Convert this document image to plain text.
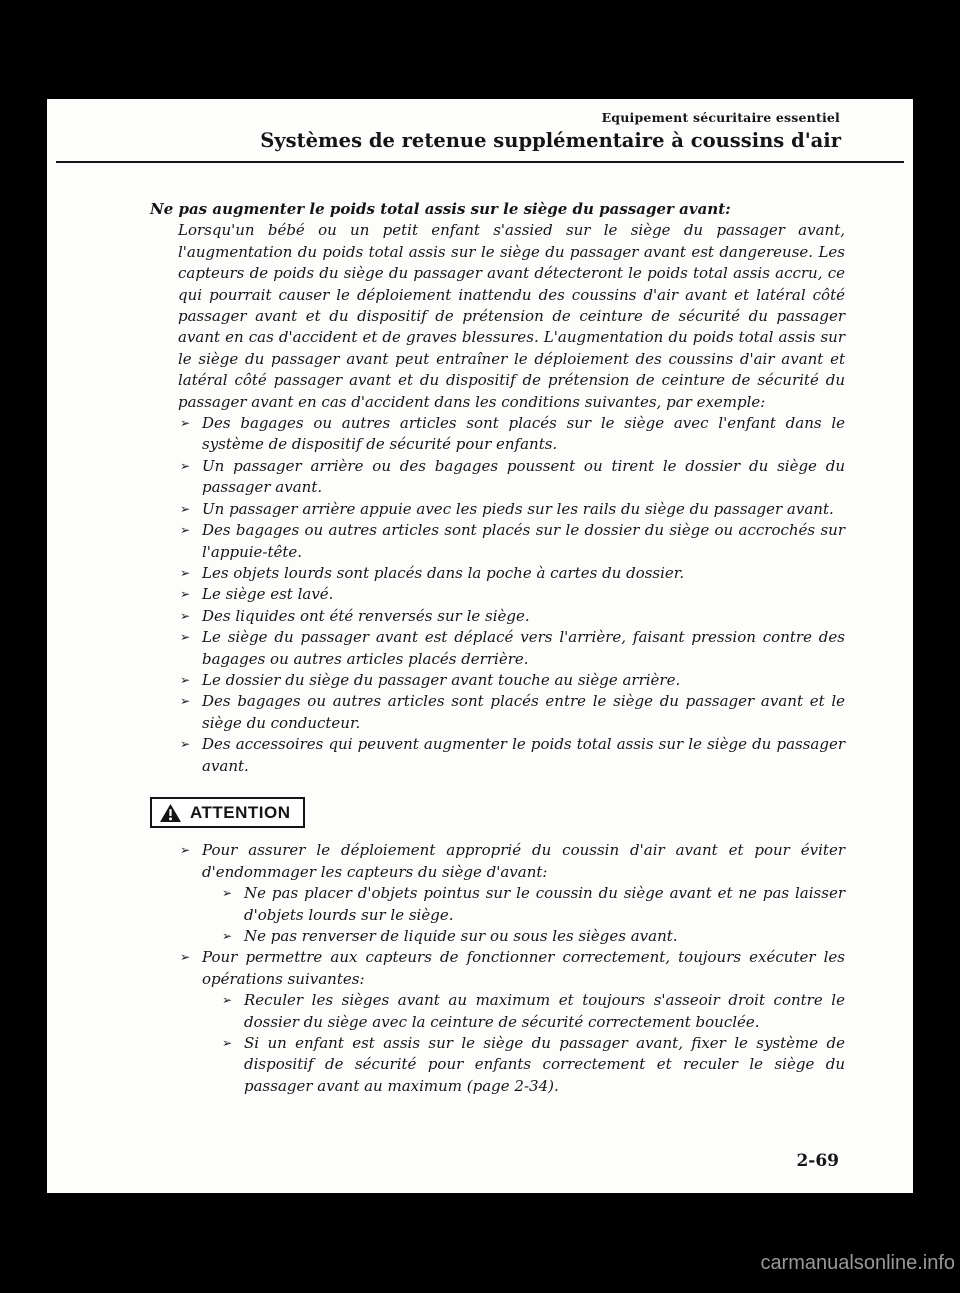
Equipement sécuritaire essentiel
Systèmes de retenue supplémentaire à coussins d'air
Ne pas augmenter le poids total assis sur le siège du passager avant:
Lorsqu'un bébé ou un petit enfant s'assied sur le siège du passager avant, l'augmentation du poids total assis sur le siège du passager avant est dangereuse. Les capteurs de poids du siège du passager avant détecteront le poids total assis accru, ce qui pourrait causer le déploiement inattendu des coussins d'air avant et latéral côté passager avant et du dispositif de prétension de ceinture de sécurité du passager avant en cas d'accident et de graves blessures. L'augmentation du poids total assis sur le siège du passager avant peut entraîner le déploiement des coussins d'air avant et latéral côté passager avant et du dispositif de prétension de ceinture de sécurité du passager avant en cas d'accident dans les conditions suivantes, par exemple:
➢ Des bagages ou autres articles sont placés sur le siège avec l'enfant dans le système de dispositif de sécurité pour enfants.
➢ Un passager arrière ou des bagages poussent ou tirent le dossier du siège du passager avant.
➢ Un passager arrière appuie avec les pieds sur les rails du siège du passager avant.
➢ Des bagages ou autres articles sont placés sur le dossier du siège ou accrochés sur l'appuie-tête.
➢ Les objets lourds sont placés dans la poche à cartes du dossier.
➢ Le siège est lavé.
➢ Des liquides ont été renversés sur le siège.
➢ Le siège du passager avant est déplacé vers l'arrière, faisant pression contre des bagages ou autres articles placés derrière.
➢ Le dossier du siège du passager avant touche au siège arrière.
➢ Des bagages ou autres articles sont placés entre le siège du passager avant et le siège du conducteur.
➢ Des accessoires qui peuvent augmenter le poids total assis sur le siège du passager avant.
ATTENTION
➢ Pour assurer le déploiement approprié du coussin d'air avant et pour éviter d'endommager les capteurs du siège d'avant:
➢ Ne pas placer d'objets pointus sur le coussin du siège avant et ne pas laisser d'objets lourds sur le siège.
➢ Ne pas renverser de liquide sur ou sous les sièges avant.
➢ Pour permettre aux capteurs de fonctionner correctement, toujours exécuter les opérations suivantes:
➢ Reculer les sièges avant au maximum et toujours s'asseoir droit contre le dossier du siège avec la ceinture de sécurité correctement bouclée.
➢ Si un enfant est assis sur le siège du passager avant, fixer le système de dispositif de sécurité pour enfants correctement et reculer le siège du passager avant au maximum (page 2-34).
2-69
carmanualsonline.info
